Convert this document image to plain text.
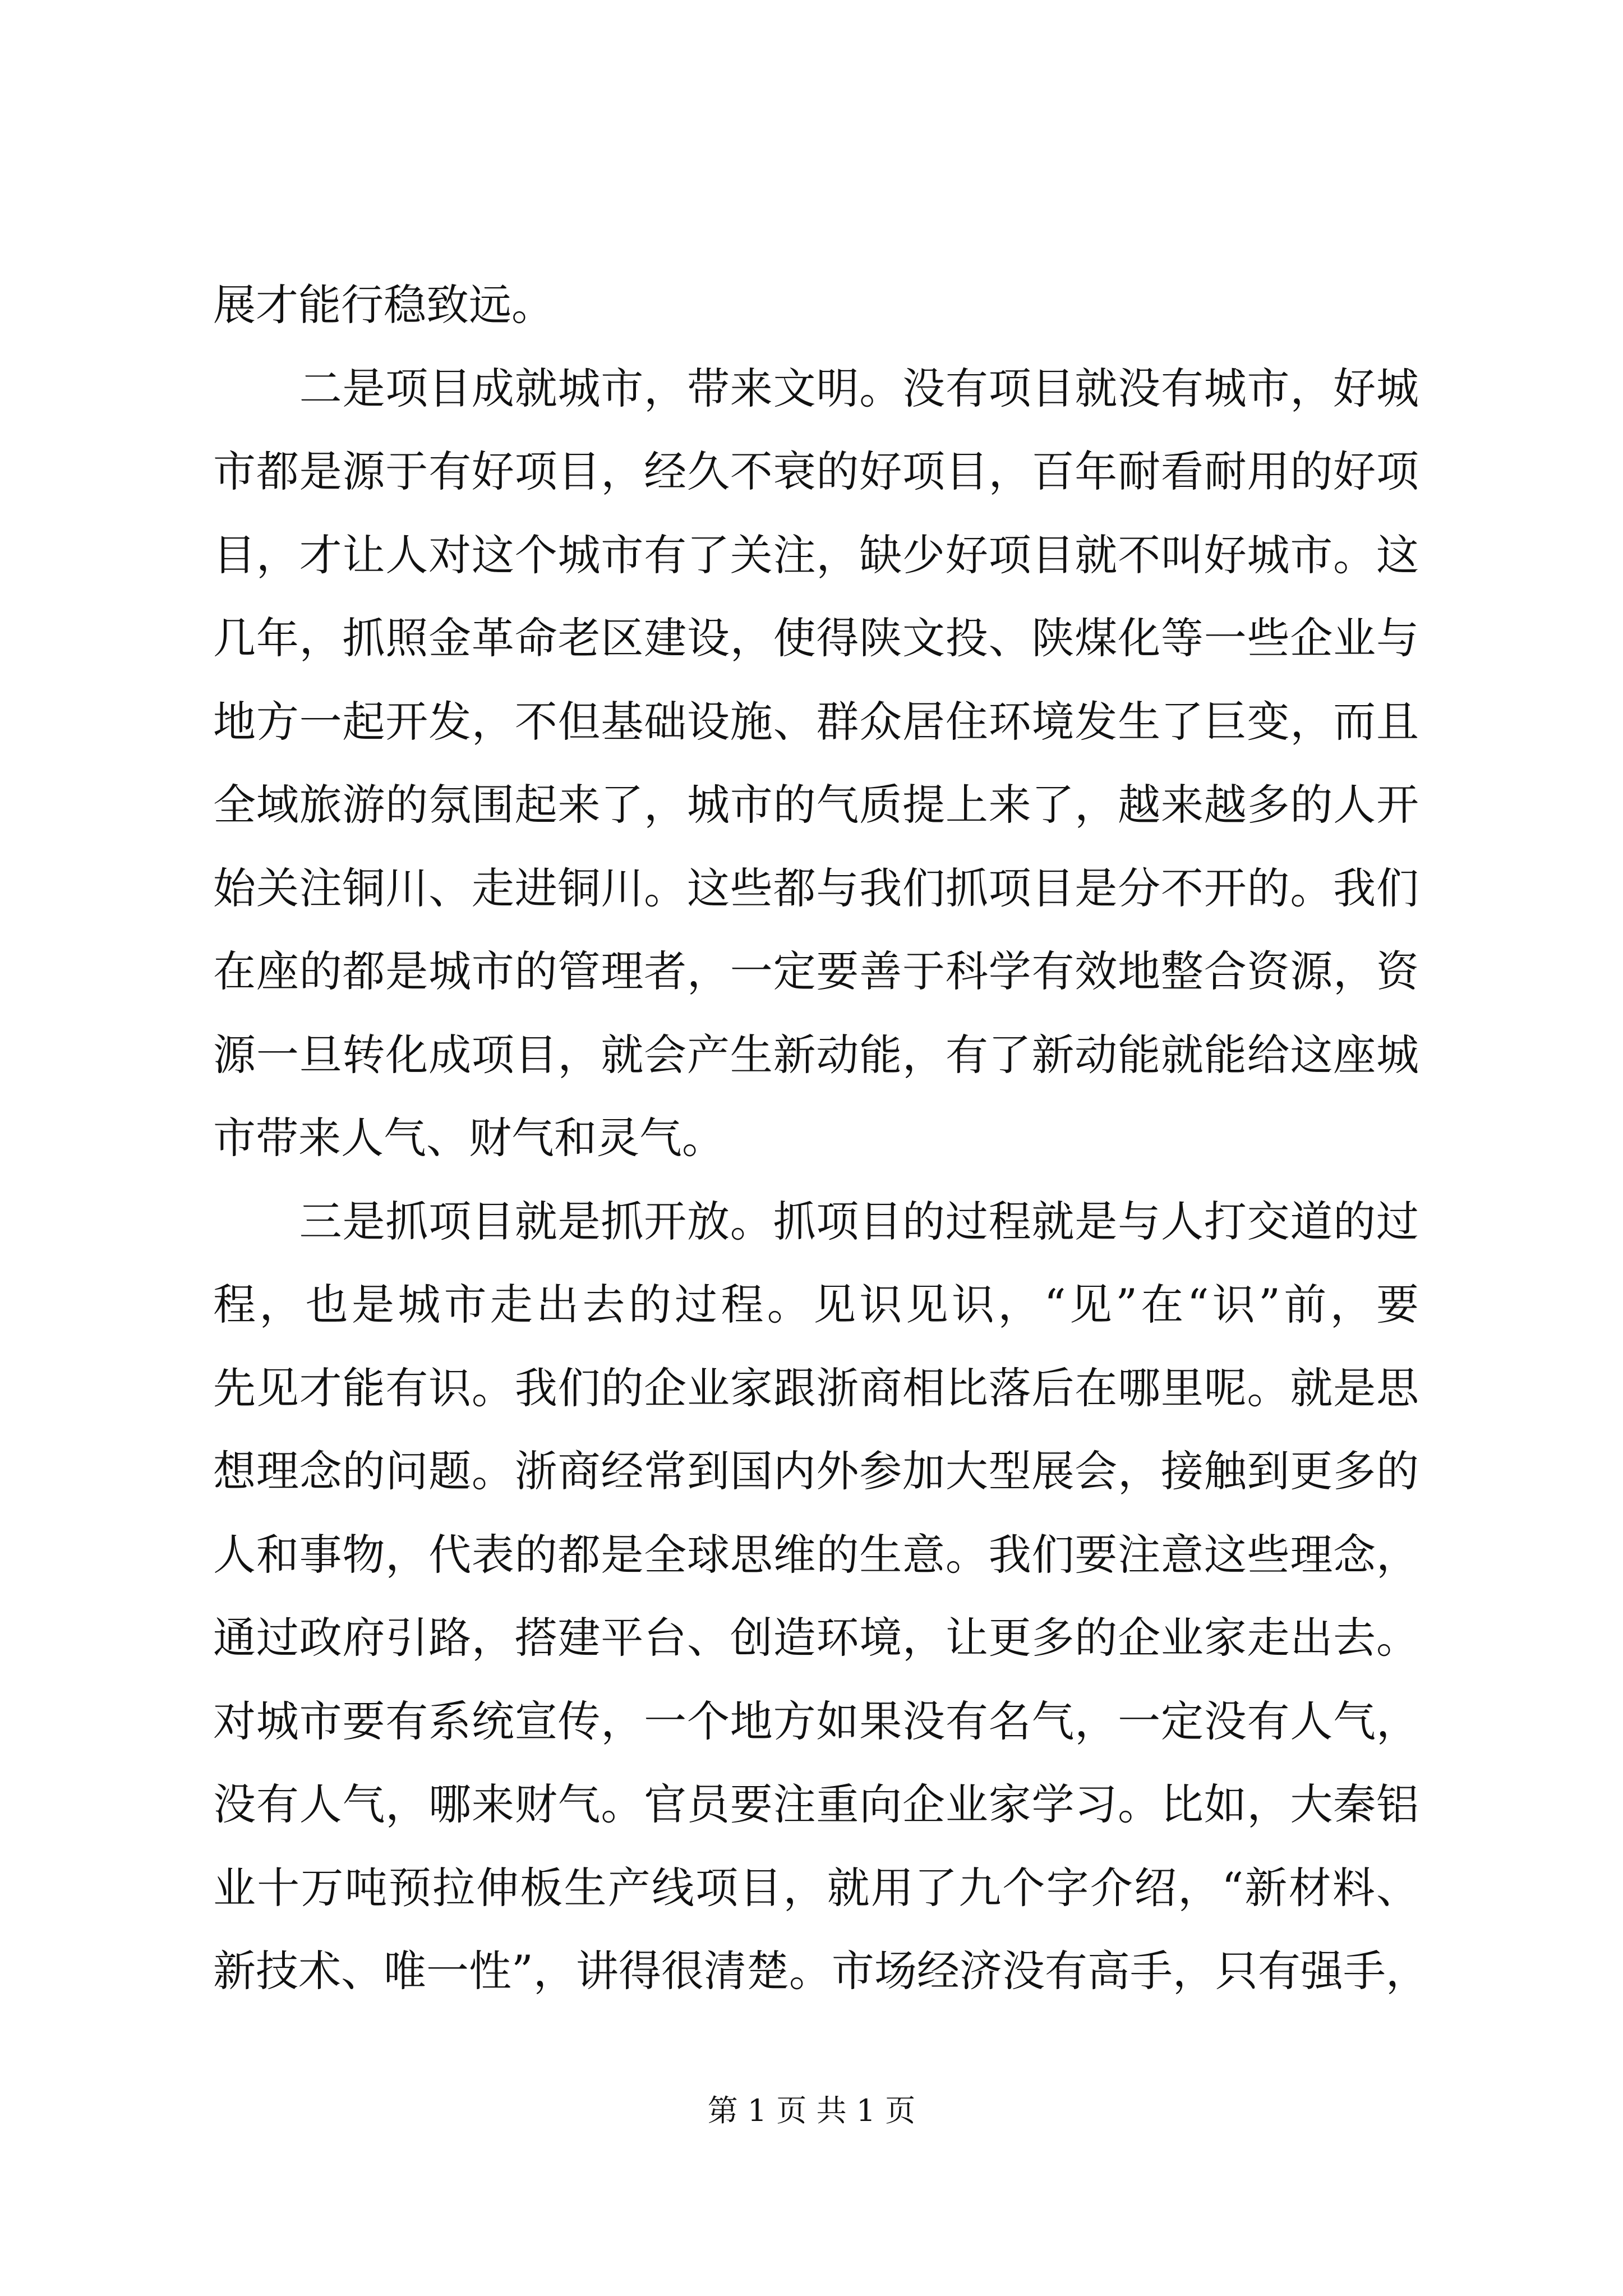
展才能行稳致远。
　　二是项目成就城市，带来文明。没有项目就没有城市，好城
市都是源于有好项目，经久不衰的好项目，百年耐看耐用的好项
目，才让人对这个城市有了关注，缺少好项目就不叫好城市。这
几年，抓照金革命老区建设，使得陕文投、陕煤化等一些企业与
地方一起开发，不但基础设施、群众居住环境发生了巨变，而且
全域旅游的氛围起来了，城市的气质提上来了，越来越多的人开
始关注铜川、走进铜川。这些都与我们抓项目是分不开的。我们
在座的都是城市的管理者，一定要善于科学有效地整合资源，资
源一旦转化成项目，就会产生新动能，有了新动能就能给这座城
市带来人气、财气和灵气。
　　三是抓项目就是抓开放。抓项目的过程就是与人打交道的过
程，也是城市走出去的过程。见识见识，“见”在“识”前，要
先见才能有识。我们的企业家跟浙商相比落后在哪里呢。就是思
想理念的问题。浙商经常到国内外参加大型展会，接触到更多的
人和事物，代表的都是全球思维的生意。我们要注意这些理念，
通过政府引路，搭建平台、创造环境，让更多的企业家走出去。
对城市要有系统宣传，一个地方如果没有名气，一定没有人气，
没有人气，哪来财气。官员要注重向企业家学习。比如，大秦铝
业十万吨预拉伸板生产线项目，就用了九个字介绍，“新材料、
新技术、唯一性”，讲得很清楚。市场经济没有高手，只有强手，
第 1 页 共 1 页
